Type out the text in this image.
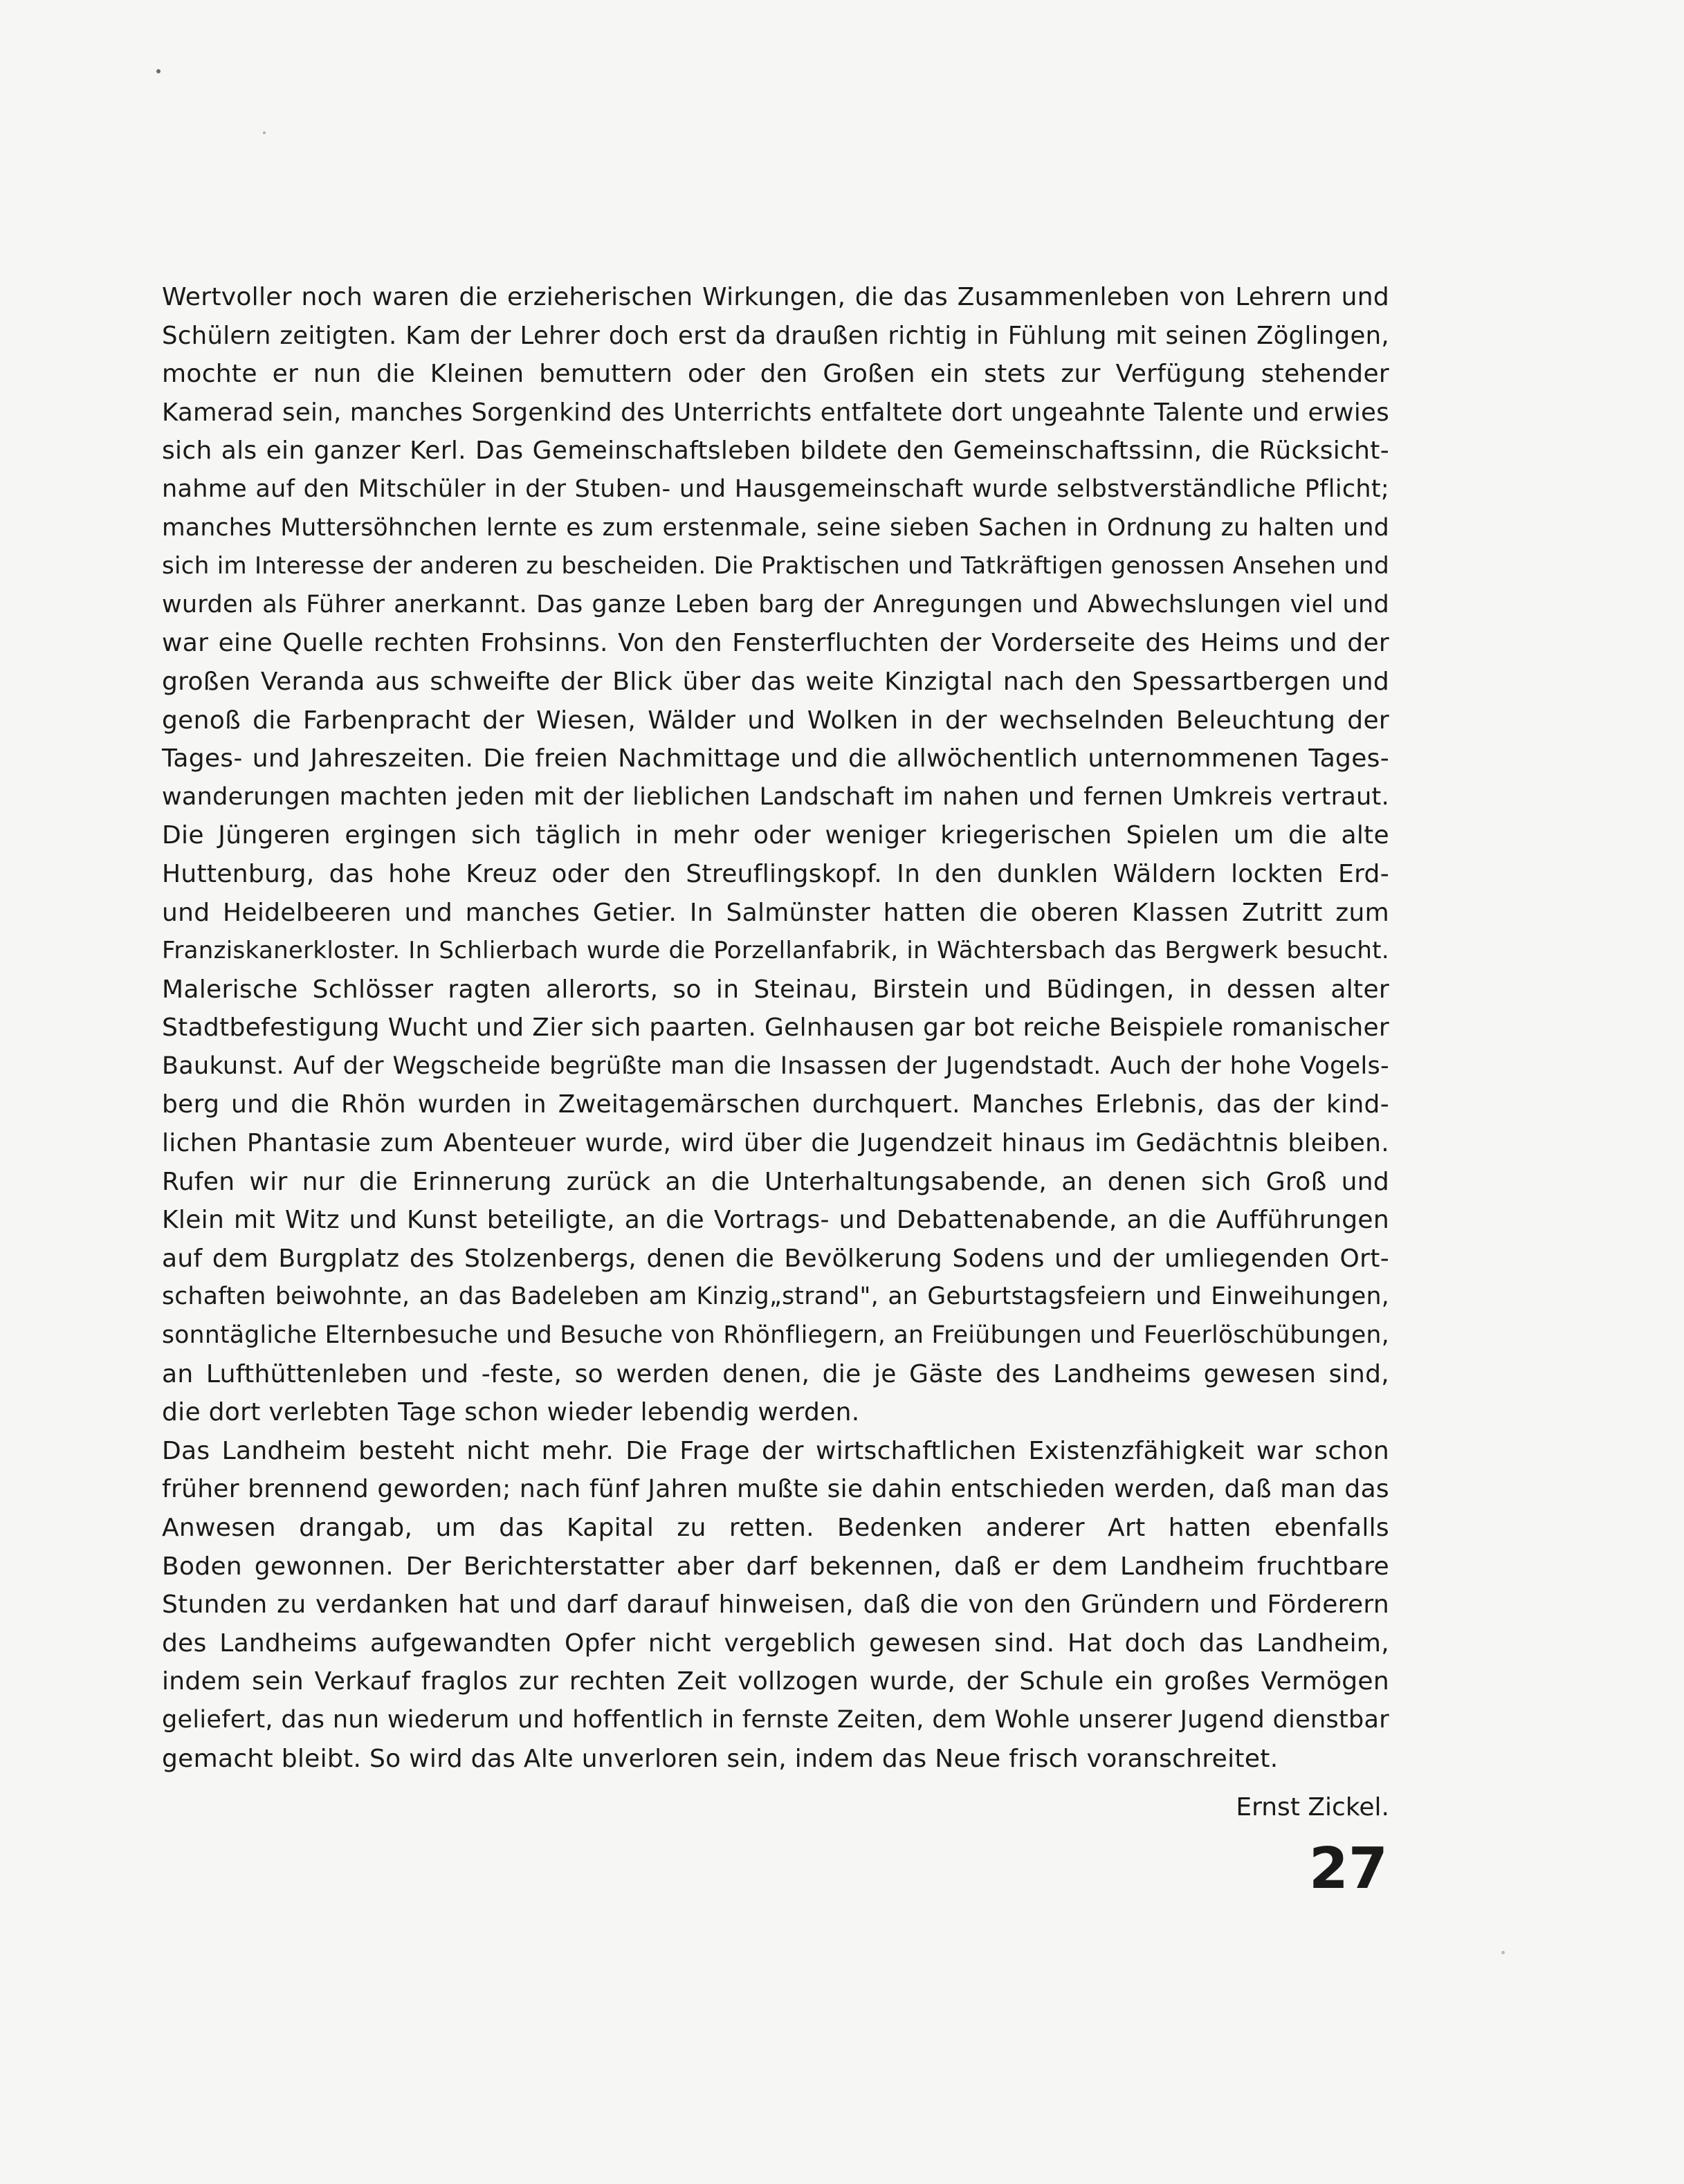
Wertvoller noch waren die erzieherischen Wirkungen, die das Zusammenleben von Lehrern und
Schülern zeitigten. Kam der Lehrer doch erst da draußen richtig in Fühlung mit seinen Zöglingen,
mochte er nun die Kleinen bemuttern oder den Großen ein stets zur Verfügung stehender
Kamerad sein, manches Sorgenkind des Unterrichts entfaltete dort ungeahnte Talente und erwies
sich als ein ganzer Kerl. Das Gemeinschaftsleben bildete den Gemeinschaftssinn, die Rücksicht-
nahme auf den Mitschüler in der Stuben- und Hausgemeinschaft wurde selbstverständliche Pflicht;
manches Muttersöhnchen lernte es zum erstenmale, seine sieben Sachen in Ordnung zu halten und
sich im Interesse der anderen zu bescheiden. Die Praktischen und Tatkräftigen genossen Ansehen und
wurden als Führer anerkannt. Das ganze Leben barg der Anregungen und Abwechslungen viel und
war eine Quelle rechten Frohsinns. Von den Fensterfluchten der Vorderseite des Heims und der
großen Veranda aus schweifte der Blick über das weite Kinzigtal nach den Spessartbergen und
genoß die Farbenpracht der Wiesen, Wälder und Wolken in der wechselnden Beleuchtung der
Tages- und Jahreszeiten. Die freien Nachmittage und die allwöchentlich unternommenen Tages-
wanderungen machten jeden mit der lieblichen Landschaft im nahen und fernen Umkreis vertraut.
Die Jüngeren ergingen sich täglich in mehr oder weniger kriegerischen Spielen um die alte
Huttenburg, das hohe Kreuz oder den Streuflingskopf. In den dunklen Wäldern lockten Erd-
und Heidelbeeren und manches Getier. In Salmünster hatten die oberen Klassen Zutritt zum
Franziskanerkloster. In Schlierbach wurde die Porzellanfabrik, in Wächtersbach das Bergwerk besucht.
Malerische Schlösser ragten allerorts, so in Steinau, Birstein und Büdingen, in dessen alter
Stadtbefestigung Wucht und Zier sich paarten. Gelnhausen gar bot reiche Beispiele romanischer
Baukunst. Auf der Wegscheide begrüßte man die Insassen der Jugendstadt. Auch der hohe Vogels-
berg und die Rhön wurden in Zweitagemärschen durchquert. Manches Erlebnis, das der kind-
lichen Phantasie zum Abenteuer wurde, wird über die Jugendzeit hinaus im Gedächtnis bleiben.
Rufen wir nur die Erinnerung zurück an die Unterhaltungsabende, an denen sich Groß und
Klein mit Witz und Kunst beteiligte, an die Vortrags- und Debattenabende, an die Aufführungen
auf dem Burgplatz des Stolzenbergs, denen die Bevölkerung Sodens und der umliegenden Ort-
schaften beiwohnte, an das Badeleben am Kinzig„strand", an Geburtstagsfeiern und Einweihungen,
sonntägliche Elternbesuche und Besuche von Rhönfliegern, an Freiübungen und Feuerlöschübungen,
an Lufthüttenleben und -feste, so werden denen, die je Gäste des Landheims gewesen sind,
die dort verlebten Tage schon wieder lebendig werden.
Das Landheim besteht nicht mehr. Die Frage der wirtschaftlichen Existenzfähigkeit war schon
früher brennend geworden; nach fünf Jahren mußte sie dahin entschieden werden, daß man das
Anwesen drangab, um das Kapital zu retten. Bedenken anderer Art hatten ebenfalls
Boden gewonnen. Der Berichterstatter aber darf bekennen, daß er dem Landheim fruchtbare
Stunden zu verdanken hat und darf darauf hinweisen, daß die von den Gründern und Förderern
des Landheims aufgewandten Opfer nicht vergeblich gewesen sind. Hat doch das Landheim,
indem sein Verkauf fraglos zur rechten Zeit vollzogen wurde, der Schule ein großes Vermögen
geliefert, das nun wiederum und hoffentlich in fernste Zeiten, dem Wohle unserer Jugend dienstbar
gemacht bleibt. So wird das Alte unverloren sein, indem das Neue frisch voranschreitet.
Ernst Zickel.
27
